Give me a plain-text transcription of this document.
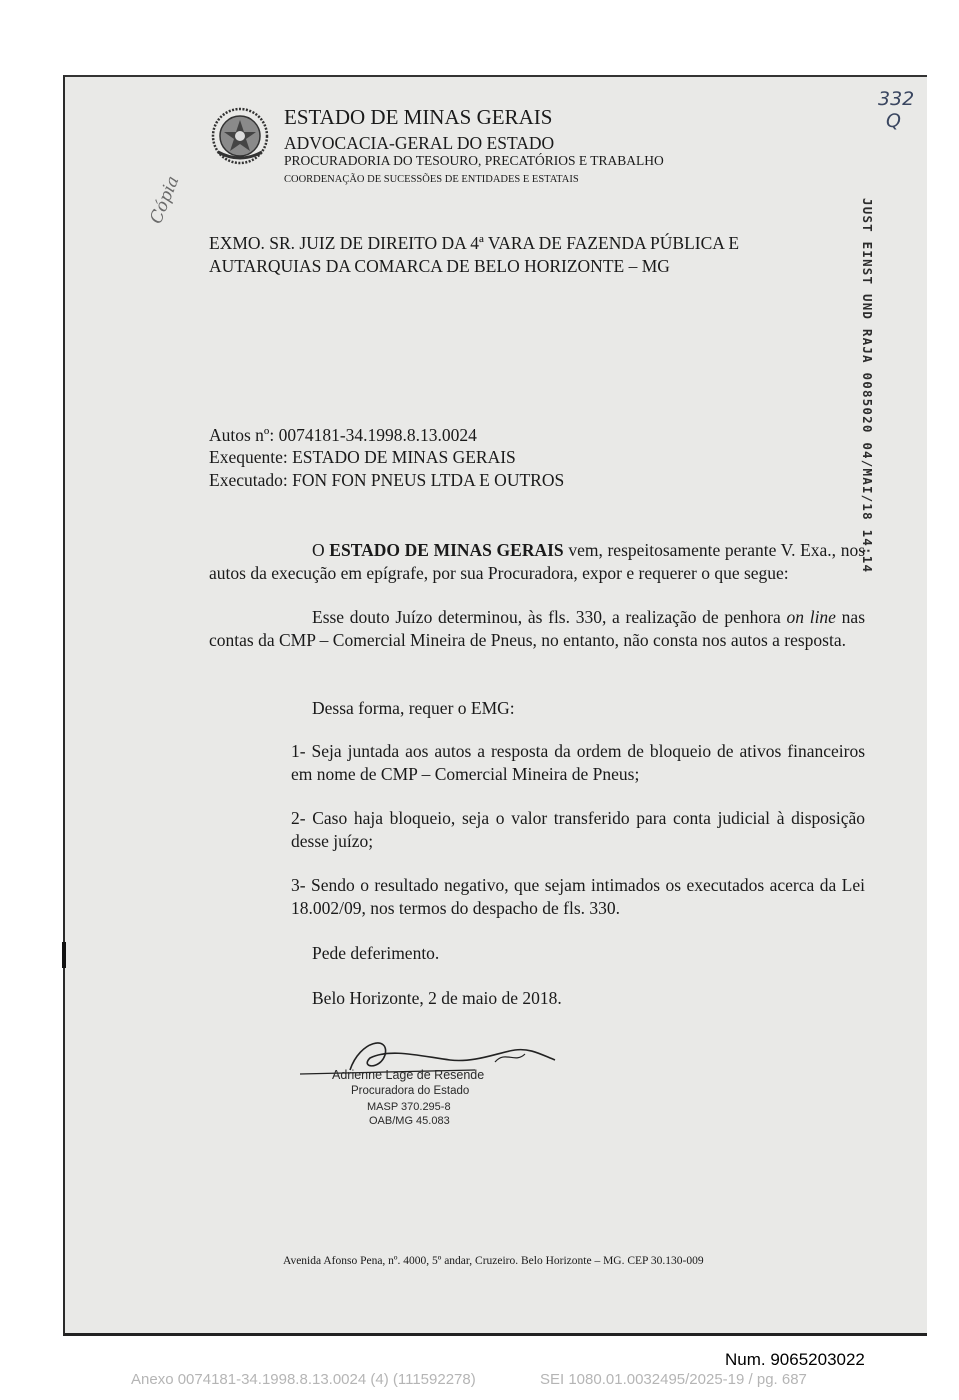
ESTADO DE MINAS GERAIS
ADVOCACIA-GERAL DO ESTADO
PROCURADORIA DO TESOURO, PRECATÓRIOS E TRABALHO
COORDENAÇÃO DE SUCESSÕES DE ENTIDADES E ESTATAIS
332
Q
Cópia	JUST EINST UND RAJA 0085020 04/MAI/18 14:14
EXMO. SR. JUIZ DE DIREITO DA 4ª VARA DE FAZENDA PÚBLICA E
AUTARQUIAS DA COMARCA DE BELO HORIZONTE – MG
Autos nº: 0074181-34.1998.8.13.0024
Exequente: ESTADO DE MINAS GERAIS
Executado: FON FON PNEUS LTDA E OUTROS
O ESTADO DE MINAS GERAIS vem, respeitosamente perante V. Exa., nos autos da execução em epígrafe, por sua Procuradora, expor e requerer o que segue:
Esse douto Juízo determinou, às fls. 330, a realização de penhora on line nas contas da CMP – Comercial Mineira de Pneus, no entanto, não consta nos autos a resposta.
Dessa forma, requer o EMG:
1- Seja juntada aos autos a resposta da ordem de bloqueio de ativos financeiros em nome de CMP – Comercial Mineira de Pneus;
2- Caso haja bloqueio, seja o valor transferido para conta judicial à disposição desse juízo;
3- Sendo o resultado negativo, que sejam intimados os executados acerca da Lei 18.002/09, nos termos do despacho de fls. 330.
Pede deferimento.
Belo Horizonte, 2 de maio de 2018.
Adrienne Lage de Resende
Procuradora do Estado
MASP 370.295-8
OAB/MG 45.083
Avenida Afonso Pena, nº. 4000, 5º andar, Cruzeiro. Belo Horizonte – MG. CEP 30.130-009
Num. 9065203022
Anexo 0074181-34.1998.8.13.0024 (4) (111592278)	SEI 1080.01.0032495/2025-19 / pg. 687
